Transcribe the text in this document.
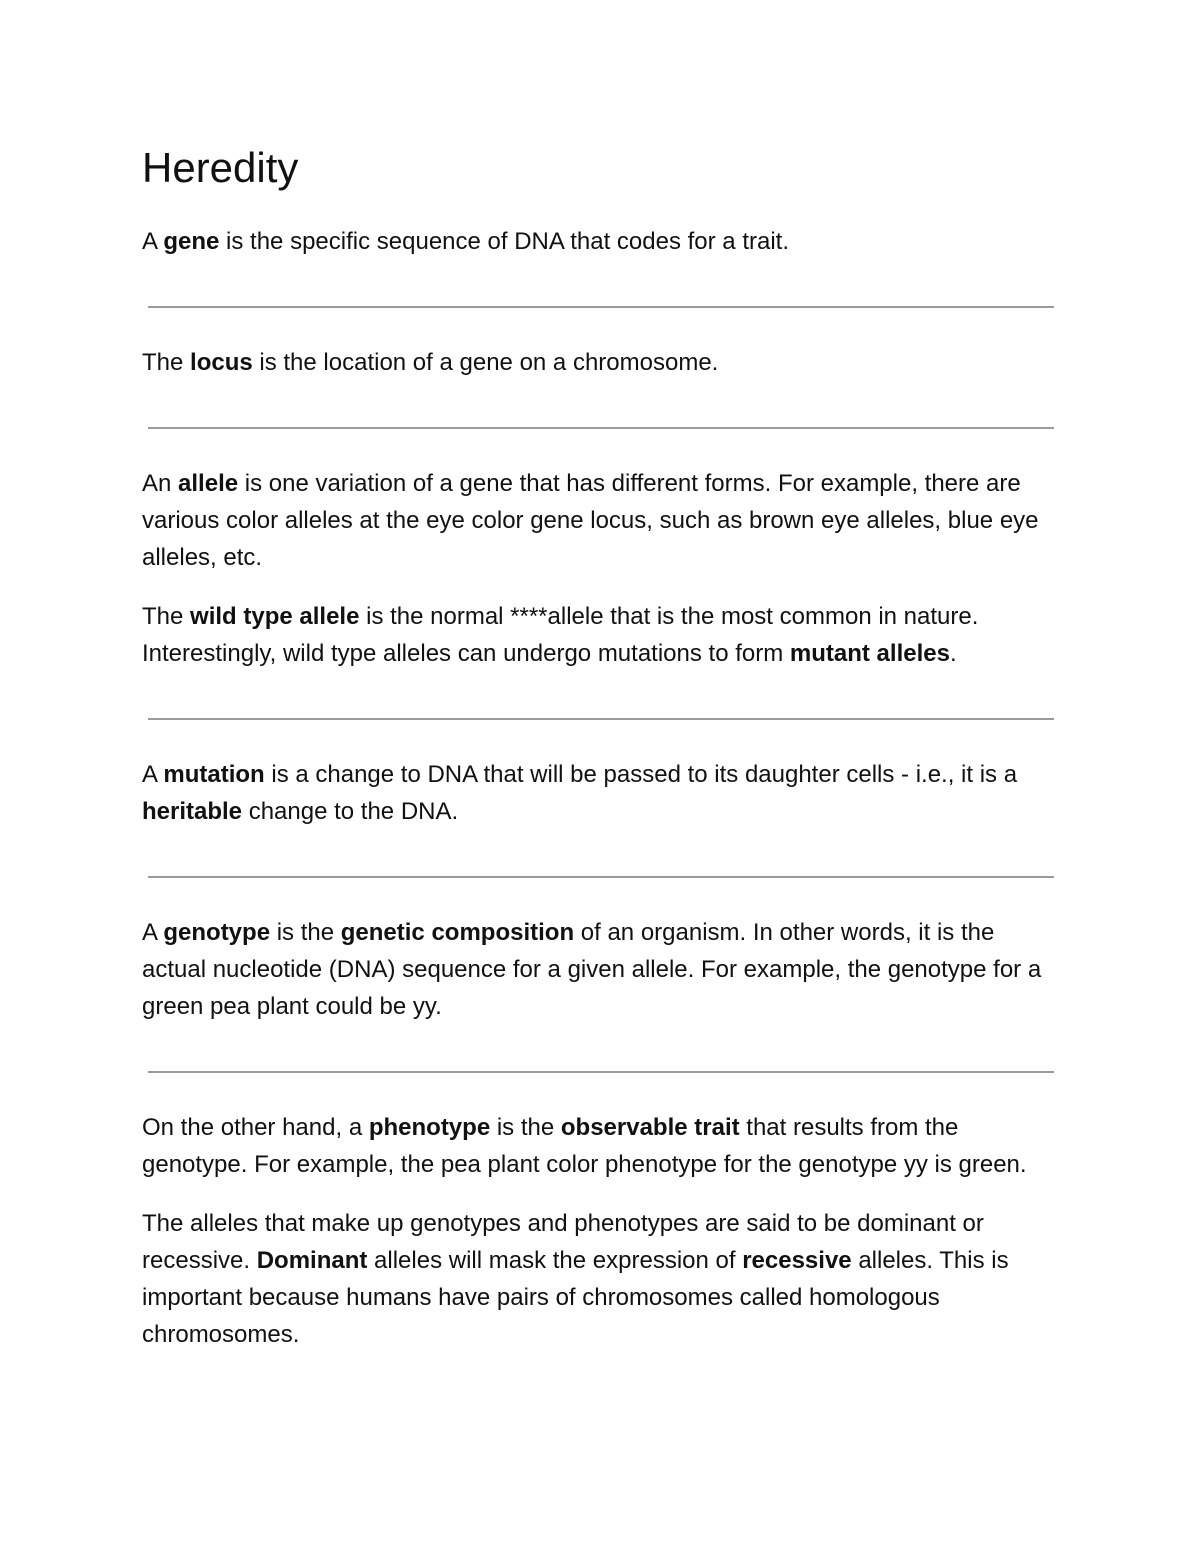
Heredity

A gene is the specific sequence of DNA that codes for a trait.

The locus is the location of a gene on a chromosome.

An allele is one variation of a gene that has different forms. For example, there are various color alleles at the eye color gene locus, such as brown eye alleles, blue eye alleles, etc.

The wild type allele is the normal ****allele that is the most common in nature. Interestingly, wild type alleles can undergo mutations to form mutant alleles.

A mutation is a change to DNA that will be passed to its daughter cells - i.e., it is a heritable change to the DNA.

A genotype is the genetic composition of an organism. In other words, it is the actual nucleotide (DNA) sequence for a given allele. For example, the genotype for a green pea plant could be yy.

On the other hand, a phenotype is the observable trait that results from the genotype. For example, the pea plant color phenotype for the genotype yy is green.

The alleles that make up genotypes and phenotypes are said to be dominant or recessive. Dominant alleles will mask the expression of recessive alleles. This is important because humans have pairs of chromosomes called homologous chromosomes.
